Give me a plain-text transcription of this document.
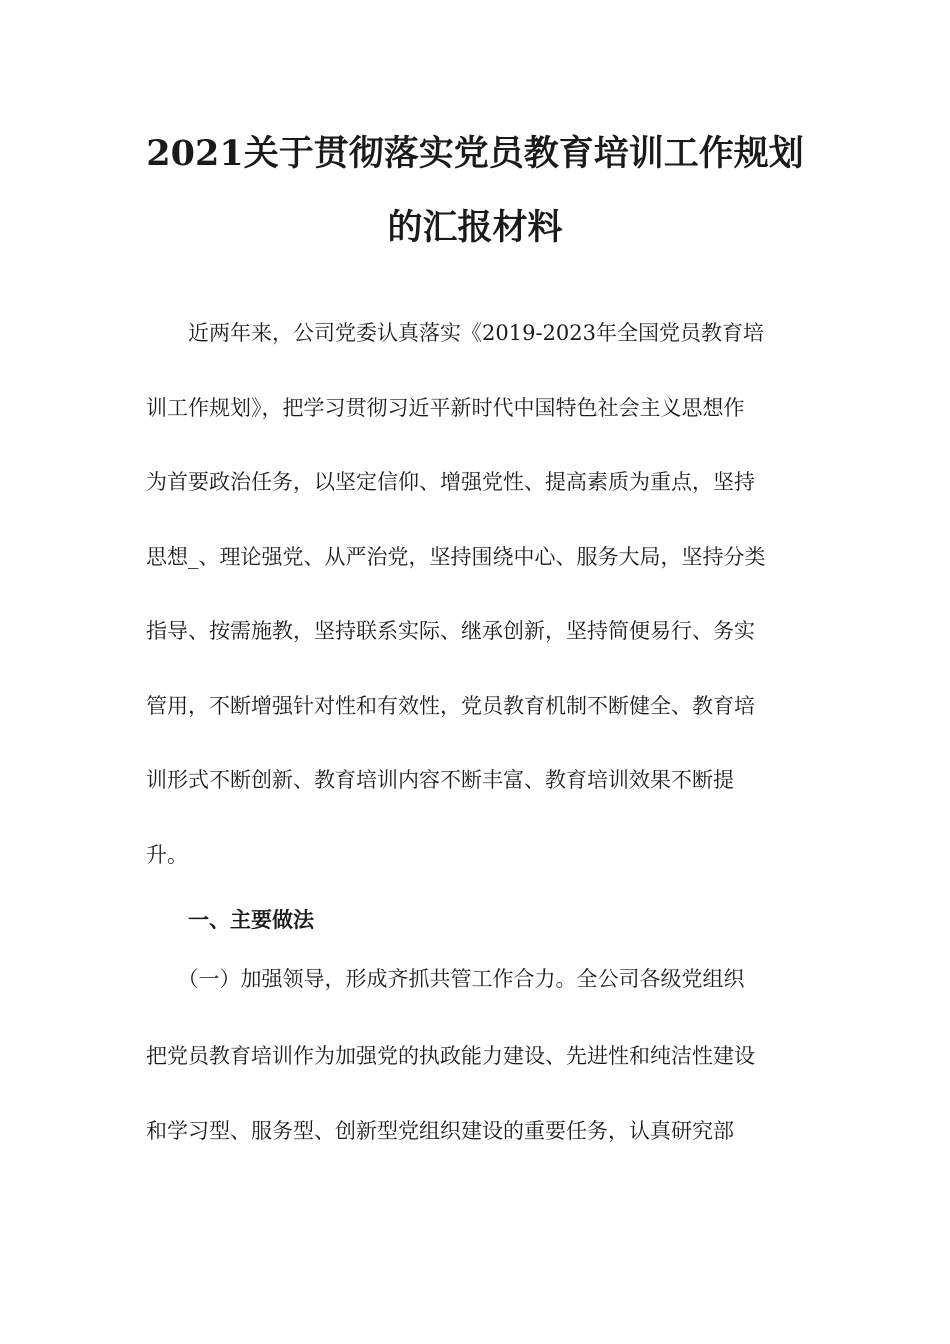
2021关于贯彻落实党员教育培训工作规划
的汇报材料
　　近两年来，公司党委认真落实《2019-2023年全国党员教育培
训工作规划》，把学习贯彻习近平新时代中国特色社会主义思想作
为首要政治任务，以坚定信仰、增强党性、提高素质为重点，坚持
思想_、理论强党、从严治党，坚持围绕中心、服务大局，坚持分类
指导、按需施教，坚持联系实际、继承创新，坚持简便易行、务实
管用，不断增强针对性和有效性，党员教育机制不断健全、教育培
训形式不断创新、教育培训内容不断丰富、教育培训效果不断提
升。
　　一、主要做法
　　（一）加强领导，形成齐抓共管工作合力。全公司各级党组织
把党员教育培训作为加强党的执政能力建设、先进性和纯洁性建设
和学习型、服务型、创新型党组织建设的重要任务，认真研究部
